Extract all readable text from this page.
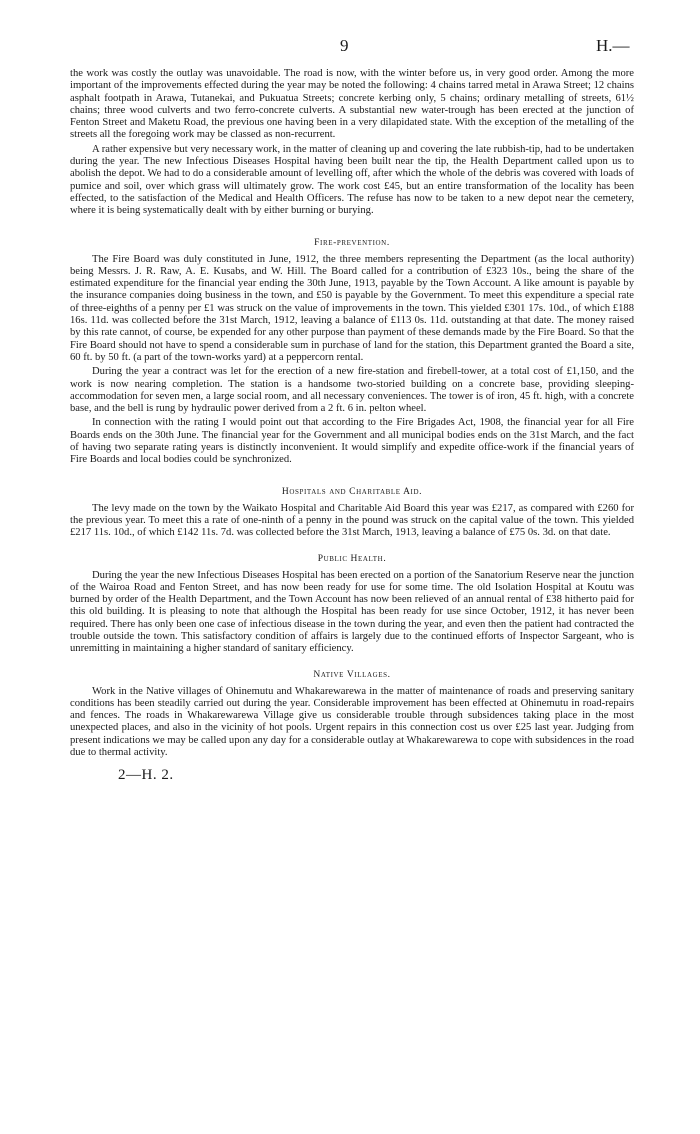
9	H.—

the work was costly the outlay was unavoidable. The road is now, with the winter before us, in very good order. Among the more important of the improvements effected during the year may be noted the following: 4 chains tarred metal in Arawa Street; 12 chains asphalt footpath in Arawa, Tutanekai, and Pukuatua Streets; concrete kerbing only, 5 chains; ordinary metalling of streets, 61½ chains; three wood culverts and two ferro-concrete culverts. A substantial new water-trough has been erected at the junction of Fenton Street and Maketu Road, the previous one having been in a very dilapidated state. With the exception of the metalling of the streets all the foregoing work may be classed as non-recurrent.

A rather expensive but very necessary work, in the matter of cleaning up and covering the late rubbish-tip, had to be undertaken during the year. The new Infectious Diseases Hospital having been built near the tip, the Health Department called upon us to abolish the depot. We had to do a considerable amount of levelling off, after which the whole of the debris was covered with loads of pumice and soil, over which grass will ultimately grow. The work cost £45, but an entire transformation of the locality has been effected, to the satisfaction of the Medical and Health Officers. The refuse has now to be taken to a new depot near the cemetery, where it is being systematically dealt with by either burning or burying.

Fire-prevention.

The Fire Board was duly constituted in June, 1912, the three members representing the Department (as the local authority) being Messrs. J. R. Raw, A. E. Kusabs, and W. Hill. The Board called for a contribution of £323 10s., being the share of the estimated expenditure for the financial year ending the 30th June, 1913, payable by the Town Account. A like amount is payable by the insurance companies doing business in the town, and £50 is payable by the Government. To meet this expenditure a special rate of three-eighths of a penny per £1 was struck on the value of improvements in the town. This yielded £301 17s. 10d., of which £188 16s. 11d. was collected before the 31st March, 1912, leaving a balance of £113 0s. 11d. outstanding at that date. The money raised by this rate cannot, of course, be expended for any other purpose than payment of these demands made by the Fire Board. So that the Fire Board should not have to spend a considerable sum in purchase of land for the station, this Department granted the Board a site, 60 ft. by 50 ft. (a part of the town-works yard) at a peppercorn rental.

During the year a contract was let for the erection of a new fire-station and firebell-tower, at a total cost of £1,150, and the work is now nearing completion. The station is a handsome two-storied building on a concrete base, providing sleeping-accommodation for seven men, a large social room, and all necessary conveniences. The tower is of iron, 45 ft. high, with a concrete base, and the bell is rung by hydraulic power derived from a 2 ft. 6 in. pelton wheel.

In connection with the rating I would point out that according to the Fire Brigades Act, 1908, the financial year for all Fire Boards ends on the 30th June. The financial year for the Government and all municipal bodies ends on the 31st March, and the fact of having two separate rating years is distinctly inconvenient. It would simplify and expedite office-work if the financial years of Fire Boards and local bodies could be synchronized.

Hospitals and Charitable Aid.

The levy made on the town by the Waikato Hospital and Charitable Aid Board this year was £217, as compared with £260 for the previous year. To meet this a rate of one-ninth of a penny in the pound was struck on the capital value of the town. This yielded £217 11s. 10d., of which £142 11s. 7d. was collected before the 31st March, 1913, leaving a balance of £75 0s. 3d. on that date.

Public Health.

During the year the new Infectious Diseases Hospital has been erected on a portion of the Sanatorium Reserve near the junction of the Wairoa Road and Fenton Street, and has now been ready for use for some time. The old Isolation Hospital at Koutu was burned by order of the Health Department, and the Town Account has now been relieved of an annual rental of £38 hitherto paid for this old building. It is pleasing to note that although the Hospital has been ready for use since October, 1912, it has never been required. There has only been one case of infectious disease in the town during the year, and even then the patient had contracted the trouble outside the town. This satisfactory condition of affairs is largely due to the continued efforts of Inspector Sargeant, who is unremitting in maintaining a higher standard of sanitary efficiency.

Native Villages.

Work in the Native villages of Ohinemutu and Whakarewarewa in the matter of maintenance of roads and preserving sanitary conditions has been steadily carried out during the year. Considerable improvement has been effected at Ohinemutu in road-repairs and fences. The roads in Whakarewarewa Village give us considerable trouble through subsidences taking place in the most unexpected places, and also in the vicinity of hot pools. Urgent repairs in this connection cost us over £25 last year. Judging from present indications we may be called upon any day for a considerable outlay at Whakarewarewa to cope with subsidences in the road due to thermal activity.

2—H. 2.
